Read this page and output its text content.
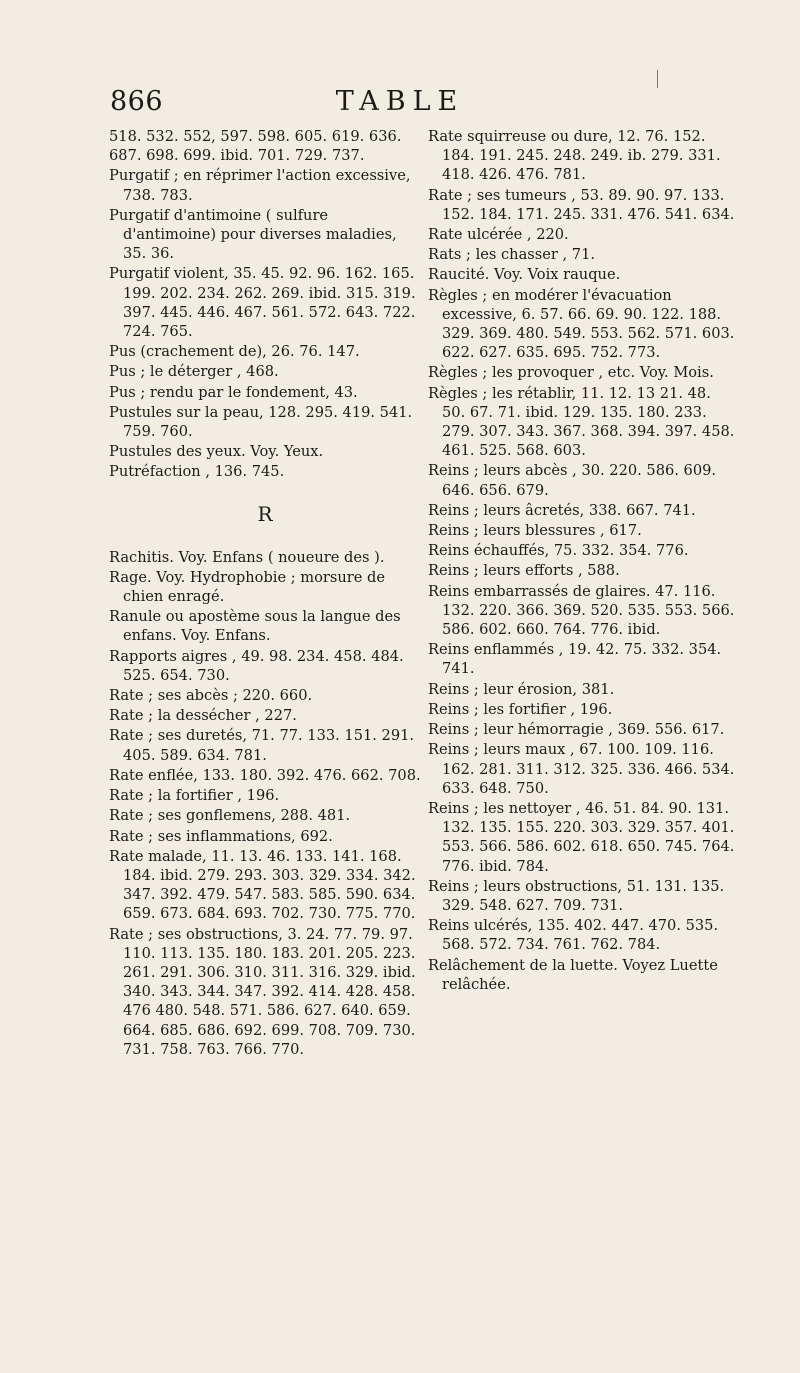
866	TABLE

518. 532. 552, 597. 598. 605. 619. 636. 687. 698. 699. ibid. 701. 729. 737.

Purgatif ; en réprimer l'action excessive, 738. 783.

Purgatif d'antimoine ( sulfure d'antimoine) pour diverses maladies, 35. 36.

Purgatif violent, 35. 45. 92. 96. 162. 165. 199. 202. 234. 262. 269. ibid. 315. 319. 397. 445. 446. 467. 561. 572. 643. 722. 724. 765.

Pus (crachement de), 26. 76. 147.

Pus ; le déterger , 468.

Pus ; rendu par le fondement, 43.

Pustules sur la peau, 128. 295. 419. 541. 759. 760.

Pustules des yeux. Voy. Yeux.

Putréfaction , 136. 745.

R

Rachitis. Voy. Enfans ( noueure des ).

Rage. Voy. Hydrophobie ; morsure de chien enragé.

Ranule ou apostème sous la langue des enfans. Voy. Enfans.

Rapports aigres , 49. 98. 234. 458. 484. 525. 654. 730.

Rate ; ses abcès ; 220. 660.

Rate ; la dessécher , 227.

Rate ; ses duretés, 71. 77. 133. 151. 291. 405. 589. 634. 781.

Rate enflée, 133. 180. 392. 476. 662. 708.

Rate ; la fortifier , 196.

Rate ; ses gonflemens, 288. 481.

Rate ; ses inflammations, 692.

Rate malade, 11. 13. 46. 133. 141. 168. 184. ibid. 279. 293. 303. 329. 334. 342. 347. 392. 479. 547. 583. 585. 590. 634. 659. 673. 684. 693. 702. 730. 775. 770.

Rate ; ses obstructions, 3. 24. 77. 79. 97. 110. 113. 135. 180. 183. 201. 205. 223. 261. 291. 306. 310. 311. 316. 329. ibid. 340. 343. 344. 347. 392. 414. 428. 458. 476 480. 548. 571. 586. 627. 640. 659. 664. 685. 686. 692. 699. 708. 709. 730. 731. 758. 763. 766. 770.

Rate squirreuse ou dure, 12. 76. 152. 184. 191. 245. 248. 249. ib. 279. 331. 418. 426. 476. 781.

Rate ; ses tumeurs , 53. 89. 90. 97. 133. 152. 184. 171. 245. 331. 476. 541. 634.

Rate ulcérée , 220.

Rats ; les chasser , 71.

Raucité. Voy. Voix rauque.

Règles ; en modérer l'évacuation excessive, 6. 57. 66. 69. 90. 122. 188. 329. 369. 480. 549. 553. 562. 571. 603. 622. 627. 635. 695. 752. 773.

Règles ; les provoquer , etc. Voy. Mois.

Règles ; les rétablir, 11. 12. 13 21. 48. 50. 67. 71. ibid. 129. 135. 180. 233. 279. 307. 343. 367. 368. 394. 397. 458. 461. 525. 568. 603.

Reins ; leurs abcès , 30. 220. 586. 609. 646. 656. 679.

Reins ; leurs âcretés, 338. 667. 741.

Reins ; leurs blessures , 617.

Reins échauffés, 75. 332. 354. 776.

Reins ; leurs efforts , 588.

Reins embarrassés de glaires. 47. 116. 132. 220. 366. 369. 520. 535. 553. 566. 586. 602. 660. 764. 776. ibid.

Reins enflammés , 19. 42. 75. 332. 354. 741.

Reins ; leur érosion, 381.

Reins ; les fortifier , 196.

Reins ; leur hémorragie , 369. 556. 617.

Reins ; leurs maux , 67. 100. 109. 116. 162. 281. 311. 312. 325. 336. 466. 534. 633. 648. 750.

Reins ; les nettoyer , 46. 51. 84. 90. 131. 132. 135. 155. 220. 303. 329. 357. 401. 553. 566. 586. 602. 618. 650. 745. 764. 776. ibid. 784.

Reins ; leurs obstructions, 51. 131. 135. 329. 548. 627. 709. 731.

Reins ulcérés, 135. 402. 447. 470. 535. 568. 572. 734. 761. 762. 784.

Relâchement de la luette. Voyez Luette relâchée.
